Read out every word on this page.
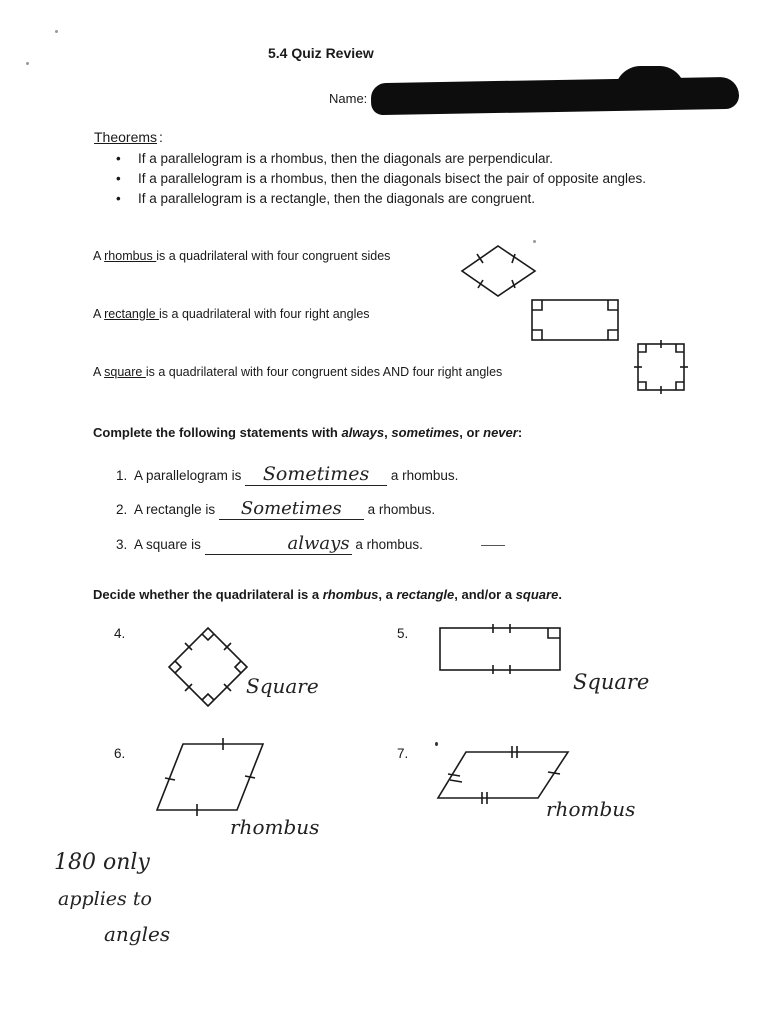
5.4 Quiz Review
Name:
Theorems :
• If a parallelogram is a rhombus, then the diagonals are perpendicular.
• If a parallelogram is a rhombus, then the diagonals bisect the pair of opposite angles.
• If a parallelogram is a rectangle, then the diagonals are congruent.
A rhombus is a quadrilateral with four congruent sides
A rectangle is a quadrilateral with four right angles
A square is a quadrilateral with four congruent sides AND four right angles
Complete the following statements with always, sometimes, or never:
1. A parallelogram is Sometimes a rhombus.
2. A rectangle is Sometimes a rhombus.
3. A square is	always a rhombus.
Decide whether the quadrilateral is a rhombus, a rectangle, and/or a square.
4.
Square
5.
Square
6.
rhombus
7.
rhombus
180 only
applies to
angles
